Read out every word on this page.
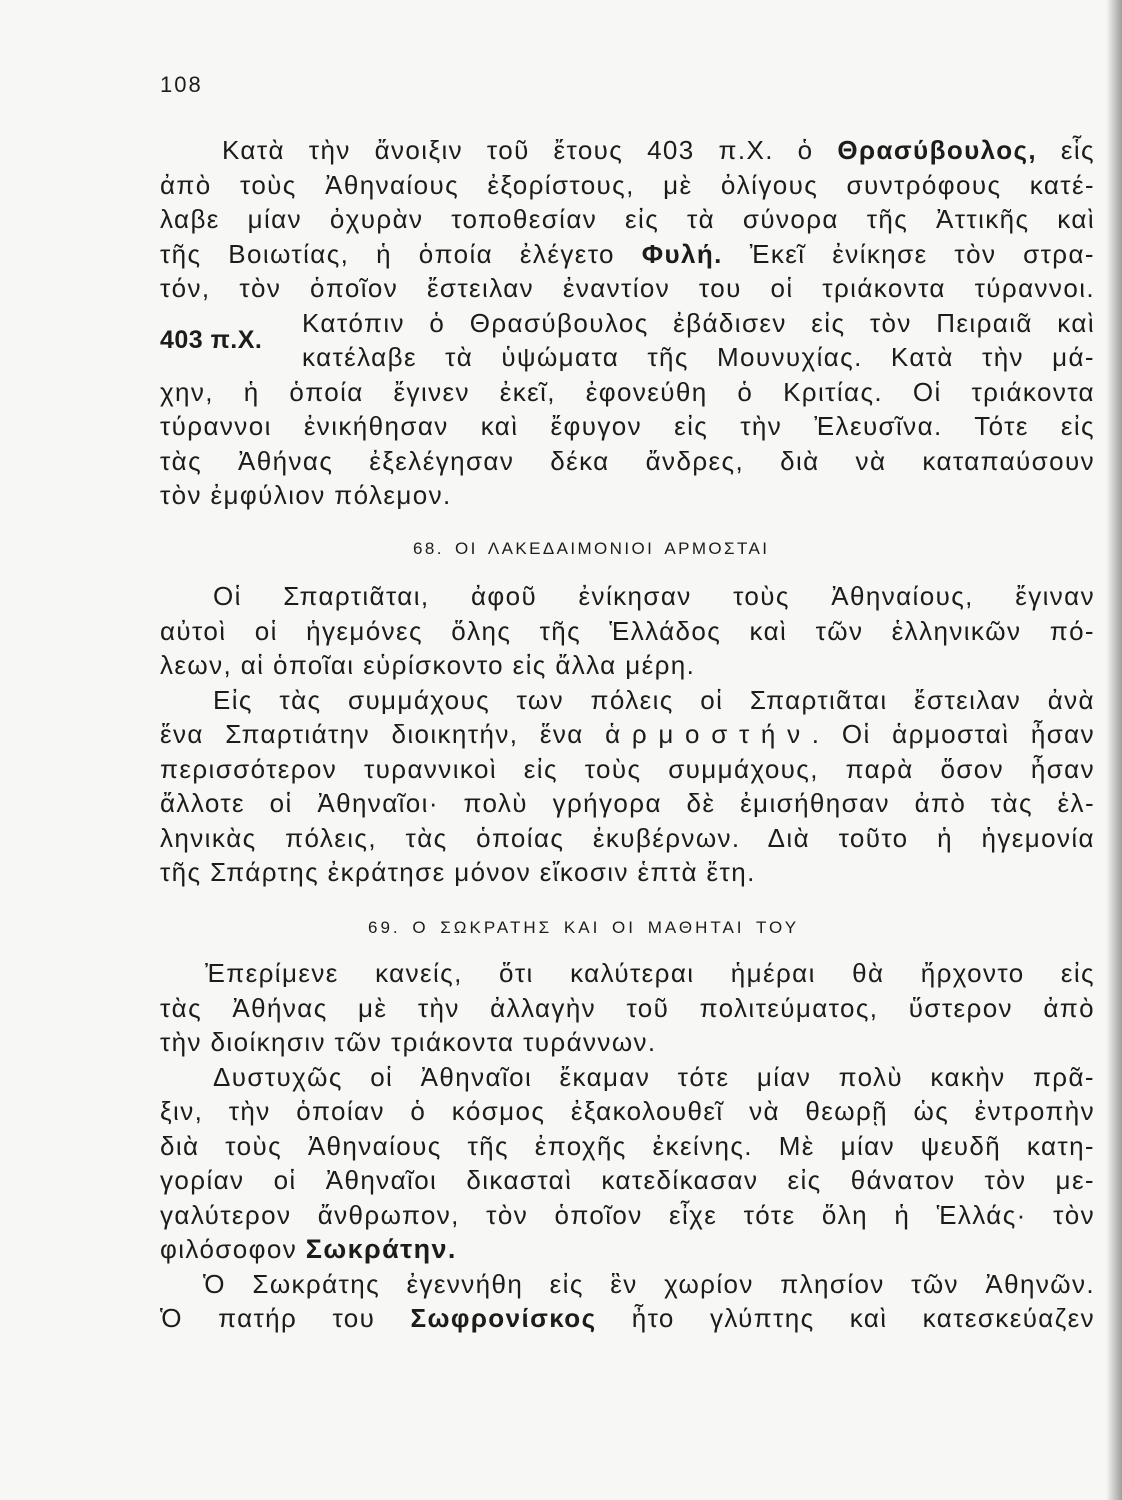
108
Κατὰ τὴν ἄνοιξιν τοῦ ἔτους 403 π.Χ. ὁ Θρασύβουλος, εἷς
ἀπὸ τοὺς Ἀθηναίους ἐξορίστους, μὲ ὀλίγους συντρόφους κατέ-
λαβε μίαν ὀχυρὰν τοποθεσίαν εἰς τὰ σύνορα τῆς Ἀττικῆς καὶ
τῆς Βοιωτίας, ἡ ὁποία ἐλέγετο Φυλή. Ἐκεῖ ἐνίκησε τὸν στρα-
τόν, τὸν ὁποῖον ἔστειλαν ἐναντίον του οἱ τριάκοντα τύραννοι.
403 π.Χ.
Κατόπιν ὁ Θρασύβουλος ἐβάδισεν εἰς τὸν Πειραιᾶ καὶ
κατέλαβε τὰ ὑψώματα τῆς Μουνυχίας. Κατὰ τὴν μά-
χην, ἡ ὁποία ἔγινεν ἐκεῖ, ἐφονεύθη ὁ Κριτίας. Οἱ τριάκοντα
τύραννοι ἐνικήθησαν καὶ ἔφυγον εἰς τὴν Ἐλευσῖνα. Τότε εἰς
τὰς Ἀθήνας ἐξελέγησαν δέκα ἄνδρες, διὰ νὰ καταπαύσουν
τὸν ἐμφύλιον πόλεμον.
68. ΟΙ ΛΑΚΕΔΑΙΜΟΝΙΟΙ ΑΡΜΟΣΤΑΙ
Οἱ Σπαρτιᾶται, ἀφοῦ ἐνίκησαν τοὺς Ἀθηναίους, ἔγιναν
αὐτοὶ οἱ ἡγεμόνες ὅλης τῆς Ἑλλάδος καὶ τῶν ἑλληνικῶν πό-
λεων, αἱ ὁποῖαι εὑρίσκοντο εἰς ἄλλα μέρη.
Εἰς τὰς συμμάχους των πόλεις οἱ Σπαρτιᾶται ἔστειλαν ἀνὰ
ἕνα Σπαρτιάτην διοικητήν, ἕνα ἁρμοστήν. Οἱ ἁρμοσταὶ ἦσαν
περισσότερον τυραννικοὶ εἰς τοὺς συμμάχους, παρὰ ὅσον ἦσαν
ἄλλοτε οἱ Ἀθηναῖοι· πολὺ γρήγορα δὲ ἐμισήθησαν ἀπὸ τὰς ἑλ-
ληνικὰς πόλεις, τὰς ὁποίας ἐκυβέρνων. Διὰ τοῦτο ἡ ἡγεμονία
τῆς Σπάρτης ἐκράτησε μόνον εἴκοσιν ἑπτὰ ἔτη.
69. Ο ΣΩΚΡΑΤΗΣ ΚΑΙ ΟΙ ΜΑΘΗΤΑΙ ΤΟΥ
Ἐπερίμενε κανείς, ὅτι καλύτεραι ἡμέραι θὰ ἤρχοντο εἰς
τὰς Ἀθήνας μὲ τὴν ἀλλαγὴν τοῦ πολιτεύματος, ὕστερον ἀπὸ
τὴν διοίκησιν τῶν τριάκοντα τυράννων.
Δυστυχῶς οἱ Ἀθηναῖοι ἔκαμαν τότε μίαν πολὺ κακὴν πρᾶ-
ξιν, τὴν ὁποίαν ὁ κόσμος ἐξακολουθεῖ νὰ θεωρῇ ὡς ἐντροπὴν
διὰ τοὺς Ἀθηναίους τῆς ἐποχῆς ἐκείνης. Μὲ μίαν ψευδῆ κατη-
γορίαν οἱ Ἀθηναῖοι δικασταὶ κατεδίκασαν εἰς θάνατον τὸν με-
γαλύτερον ἄνθρωπον, τὸν ὁποῖον εἶχε τότε ὅλη ἡ Ἑλλάς· τὸν
φιλόσοφον Σωκράτην.
Ὁ Σωκράτης ἐγεννήθη εἰς ἓν χωρίον πλησίον τῶν Ἀθηνῶν.
Ὁ πατήρ του Σωφρονίσκος ἦτο γλύπτης καὶ κατεσκεύαζεν
